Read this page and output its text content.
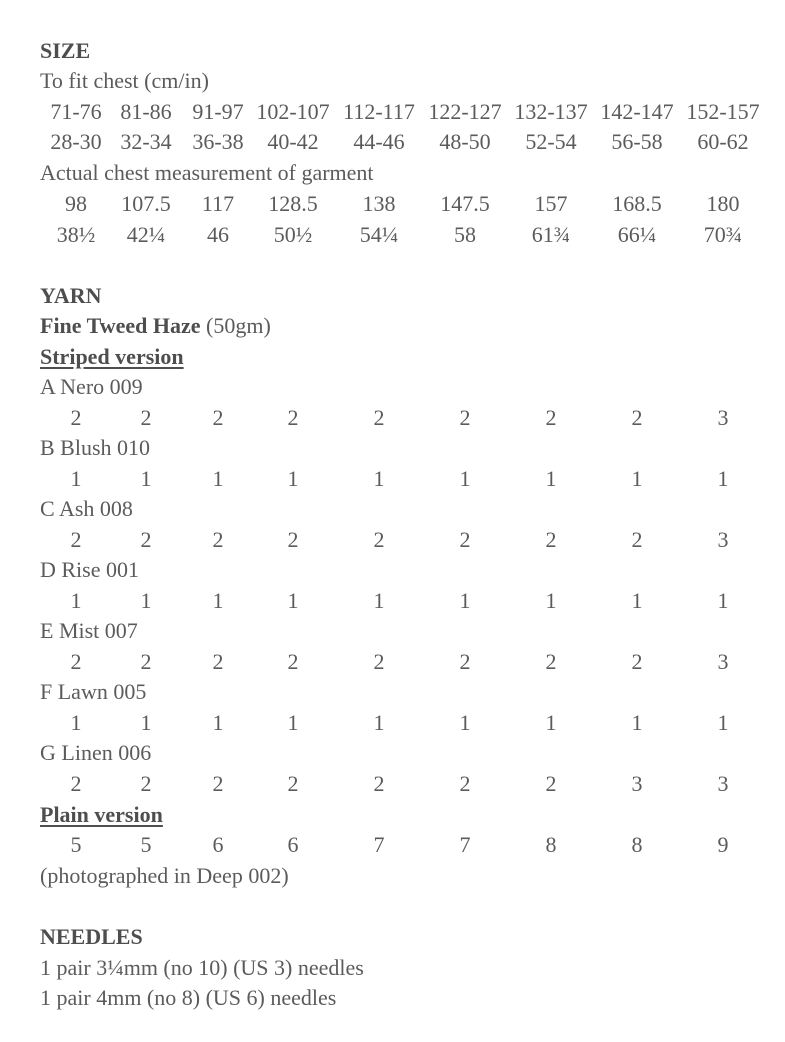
SIZE
To fit chest (cm/in)
71-76 81-86 91-97 102-107 112-117 122-127 132-137 142-147 152-157
28-30 32-34 36-38	40-42	44-46	48-50	52-54	56-58	60-62
Actual chest measurement of garment
98	107.5	117	128.5	138	147.5	157	168.5	180
38½	42¼	46	50½	54¼	58	61¾	66¼	70¾
YARN
Fine Tweed Haze (50gm)
Striped version
A Nero 009
2	2	2	2	2	2	2	2	3
B Blush 010
1	1	1	1	1	1	1	1	1
C Ash 008
2	2	2	2	2	2	2	2	3
D Rise 001
1	1	1	1	1	1	1	1	1
E Mist 007
2	2	2	2	2	2	2	2	3
F Lawn 005
1	1	1	1	1	1	1	1	1
G Linen 006
2	2	2	2	2	2	2	3	3
Plain version
5	5	6	6	7	7	8	8	9
(photographed in Deep 002)
NEEDLES
1 pair 3¼mm (no 10) (US 3) needles
1 pair 4mm (no 8) (US 6) needles
